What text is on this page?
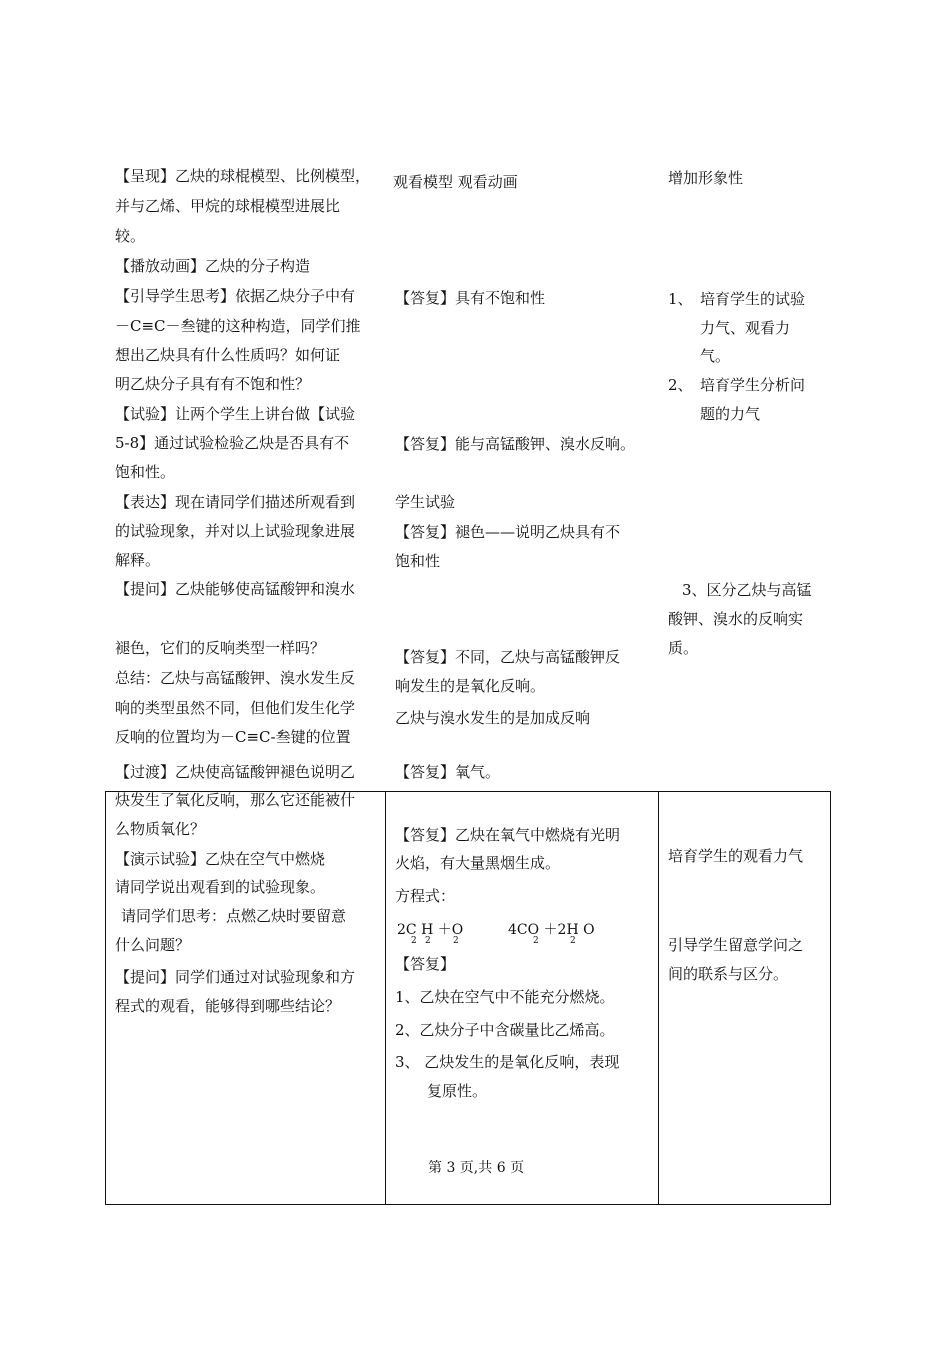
【呈现】乙炔的球棍模型、比例模型，
并与乙烯、甲烷的球棍模型进展比
较。
【播放动画】乙炔的分子构造
【引导学生思考】依据乙炔分子中有
－C≡C－叁键的这种构造，同学们推
想出乙炔具有什么性质吗？如何证
明乙炔分子具有有不饱和性？
【试验】让两个学生上讲台做【试验
5-8】通过试验检验乙炔是否具有不
饱和性。
【表达】现在请同学们描述所观看到
的试验现象，并对以上试验现象进展
解释。
【提问】乙炔能够使高锰酸钾和溴水
褪色，它们的反响类型一样吗？
总结：乙炔与高锰酸钾、溴水发生反
响的类型虽然不同，但他们发生化学
反响的位置均为－C≡C-叁键的位置
【过渡】乙炔使高锰酸钾褪色说明乙
炔发生了氧化反响，那么它还能被什
么物质氧化？
【演示试验】乙炔在空气中燃烧
请同学说出观看到的试验现象。
请同学们思考：点燃乙炔时要留意
什么问题？
【提问】同学们通过对试验现象和方
程式的观看，能够得到哪些结论？
观看模型 观看动画
【答复】具有不饱和性
【答复】能与高锰酸钾、溴水反响。
学生试验
【答复】褪色——说明乙炔具有不
饱和性
【答复】不同，乙炔与高锰酸钾反
响发生的是氧化反响。
乙炔与溴水发生的是加成反响
【答复】氧气。
【答复】乙炔在氧气中燃烧有光明
火焰，有大量黑烟生成。
方程式：
2C H ＋O
2 2 2
4CO ＋2H O
2	2
【答复】
1、乙炔在空气中不能充分燃烧。
2、乙炔分子中含碳量比乙烯高。
3、 乙炔发生的是氧化反响，表现
复原性。
增加形象性
1、 培育学生的试验
力气、观看力
气。
2、 培育学生分析问
题的力气
3、区分乙炔与高锰
酸钾、溴水的反响实
质。
培育学生的观看力气
引导学生留意学问之
间的联系与区分。
第 3 页,共 6 页
